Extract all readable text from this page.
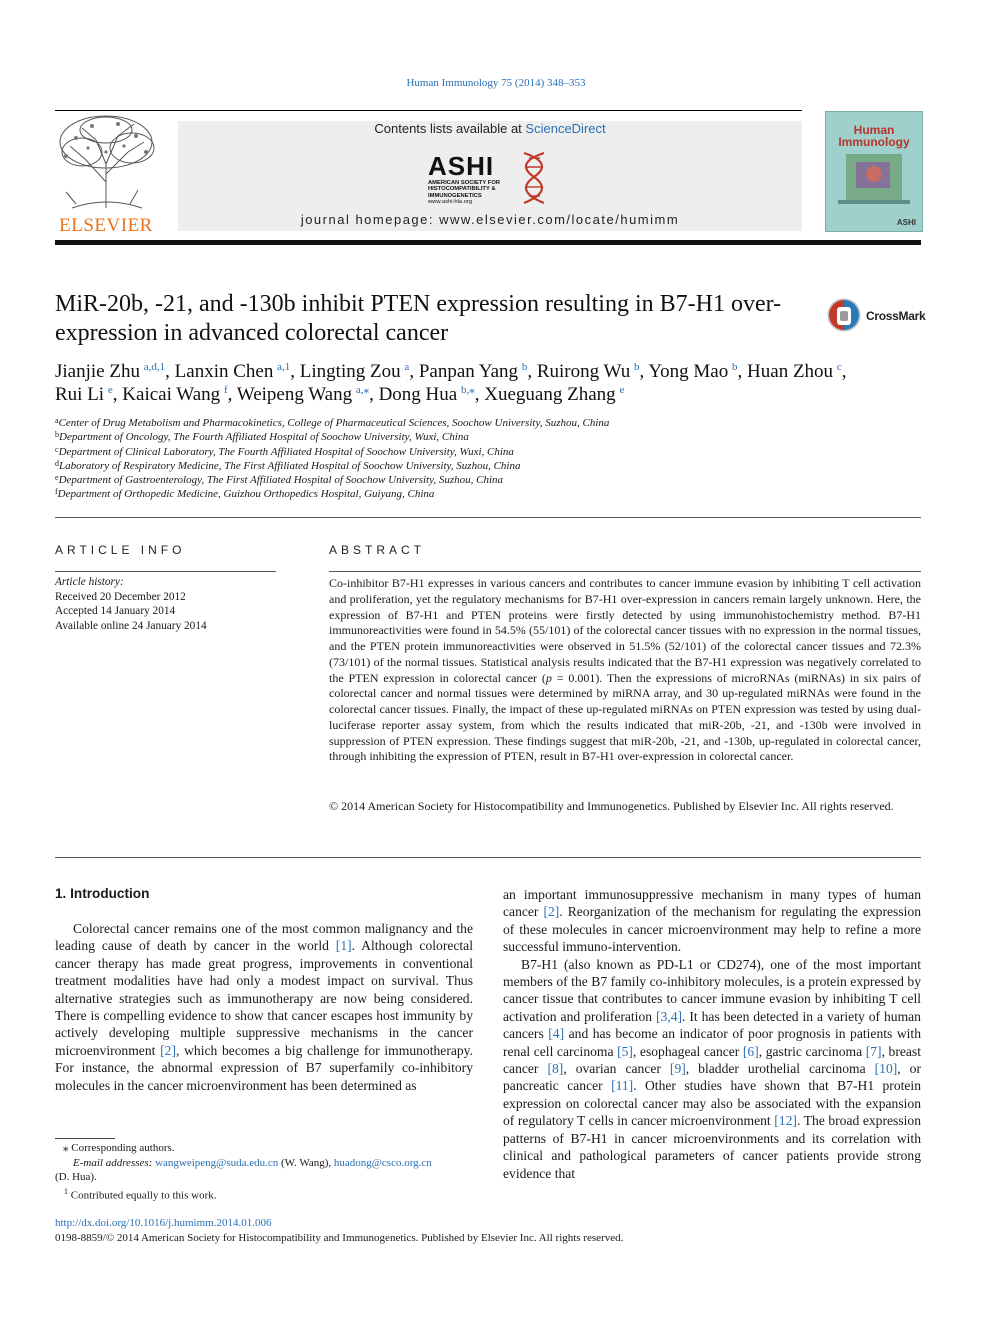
Human Immunology 75 (2014) 348–353
ELSEVIER
Contents lists available at ScienceDirect
ASHI
AMERICAN SOCIETY FOR
HISTOCOMPATIBILITY &
IMMUNOGENETICS
www.ashi-hla.org
journal homepage: www.elsevier.com/locate/humimm
Human
Immunology
ASHI
MiR-20b, -21, and -130b inhibit PTEN expression resulting in B7-H1 over-expression in advanced colorectal cancer
CrossMark
Jianjie Zhu  $^{a,d,1}$, Lanxin Chen  $^{a,1}$, Lingting Zou  $^a$, Panpan Yang  $^b$, Ruirong Wu  $^b$, Yong Mao  $^b$, Huan Zhou  $^c$,
Rui Li  $^e$, Kaicai Wang  $^f$, Weipeng Wang  $^{a,⁎}$, Dong Hua  $^{b,⁎}$, Xueguang Zhang  $^e$
$^a$Center of Drug Metabolism and Pharmacokinetics, College of Pharmaceutical Sciences, Soochow University, Suzhou, China
$^b$Department of Oncology, The Fourth Affiliated Hospital of Soochow University, Wuxi, China
$^c$Department of Clinical Laboratory, The Fourth Affiliated Hospital of Soochow University, Wuxi, China
$^d$Laboratory of Respiratory Medicine, The First Affiliated Hospital of Soochow University, Suzhou, China
$^e$Department of Gastroenterology, The First Affiliated Hospital of Soochow University, Suzhou, China
$^f$Department of Orthopedic Medicine, Guizhou Orthopedics Hospital, Guiyang, China
ARTICLE INFO
Article history:
Received 20 December 2012
Accepted 14 January 2014
Available online 24 January 2014
ABSTRACT
Co-inhibitor B7-H1 expresses in various cancers and contributes to cancer immune evasion by inhibiting T cell activation and proliferation, yet the regulatory mechanisms for B7-H1 over-expression in cancers remain largely unknown. Here, the expression of B7-H1 and PTEN proteins were firstly detected by using immunohistochemistry method. B7-H1 immunoreactivities were found in 54.5% (55/101) of the colorectal cancer tissues with no expression in the normal tissues, and the PTEN protein immunoreactivities were observed in 51.5% (52/101) of the colorectal cancer tissues and 72.3% (73/101) of the normal tissues. Statistical analysis results indicated that the B7-H1 expression was negatively correlated to the PTEN expression in colorectal cancer (p = 0.001). Then the expressions of microRNAs (miRNAs) in six pairs of colorectal cancer and normal tissues were determined by miRNA array, and 30 up-regulated miRNAs were found in the colorectal cancer tissues. Finally, the impact of these up-regulated miRNAs on PTEN expression was tested by using dual-luciferase reporter assay system, from which the results indicated that miR-20b, -21, and -130b were involved in suppression of PTEN expression. These findings suggest that miR-20b, -21, and -130b, up-regulated in colorectal cancer, through inhibiting the expression of PTEN, result in B7-H1 over-expression in colorectal cancer.
© 2014 American Society for Histocompatibility and Immunogenetics. Published by Elsevier Inc. All rights reserved.
1. Introduction

Colorectal cancer remains one of the most common malignancy and the leading cause of death by cancer in the world [1]. Although colorectal cancer therapy has made great progress, improvements in conventional treatment modalities have had only a modest impact on survival. Thus alternative strategies such as immunotherapy are now being considered. There is compelling evidence to show that cancer escapes host immunity by actively developing multiple suppressive mechanisms in the cancer microenvironment [2], which becomes a big challenge for immunotherapy. For instance, the abnormal expression of B7 superfamily co-inhibitory molecules in the cancer microenvironment has been determined as

an important immunosuppressive mechanism in many types of human cancer [2]. Reorganization of the mechanism for regulating the expression of these molecules in cancer microenvironment may help to refine a more successful immuno-intervention.

B7-H1 (also known as PD-L1 or CD274), one of the most important members of the B7 family co-inhibitory molecules, is a protein expressed by cancer tissue that contributes to cancer immune evasion by inhibiting T cell activation and proliferation [3,4]. It has been detected in a variety of human cancers [4] and has become an indicator of poor prognosis in patients with renal cell carcinoma [5], esophageal cancer [6], gastric carcinoma [7], breast cancer [8], ovarian cancer [9], bladder urothelial carcinoma [10], or pancreatic cancer [11]. Other studies have shown that B7-H1 protein expression on colorectal cancer may also be associated with the expansion of regulatory T cells in cancer microenvironment [12]. The broad expression patterns of B7-H1 in cancer microenvironments and its correlation with clinical and pathological parameters of cancer patients provide strong evidence that

⁎ Corresponding authors.
E-mail addresses: wangweipeng@suda.edu.cn (W. Wang), huadong@csco.org.cn
(D. Hua).
$^1$ Contributed equally to this work.
http://dx.doi.org/10.1016/j.humimm.2014.01.006
0198-8859/© 2014 American Society for Histocompatibility and Immunogenetics. Published by Elsevier Inc. All rights reserved.
